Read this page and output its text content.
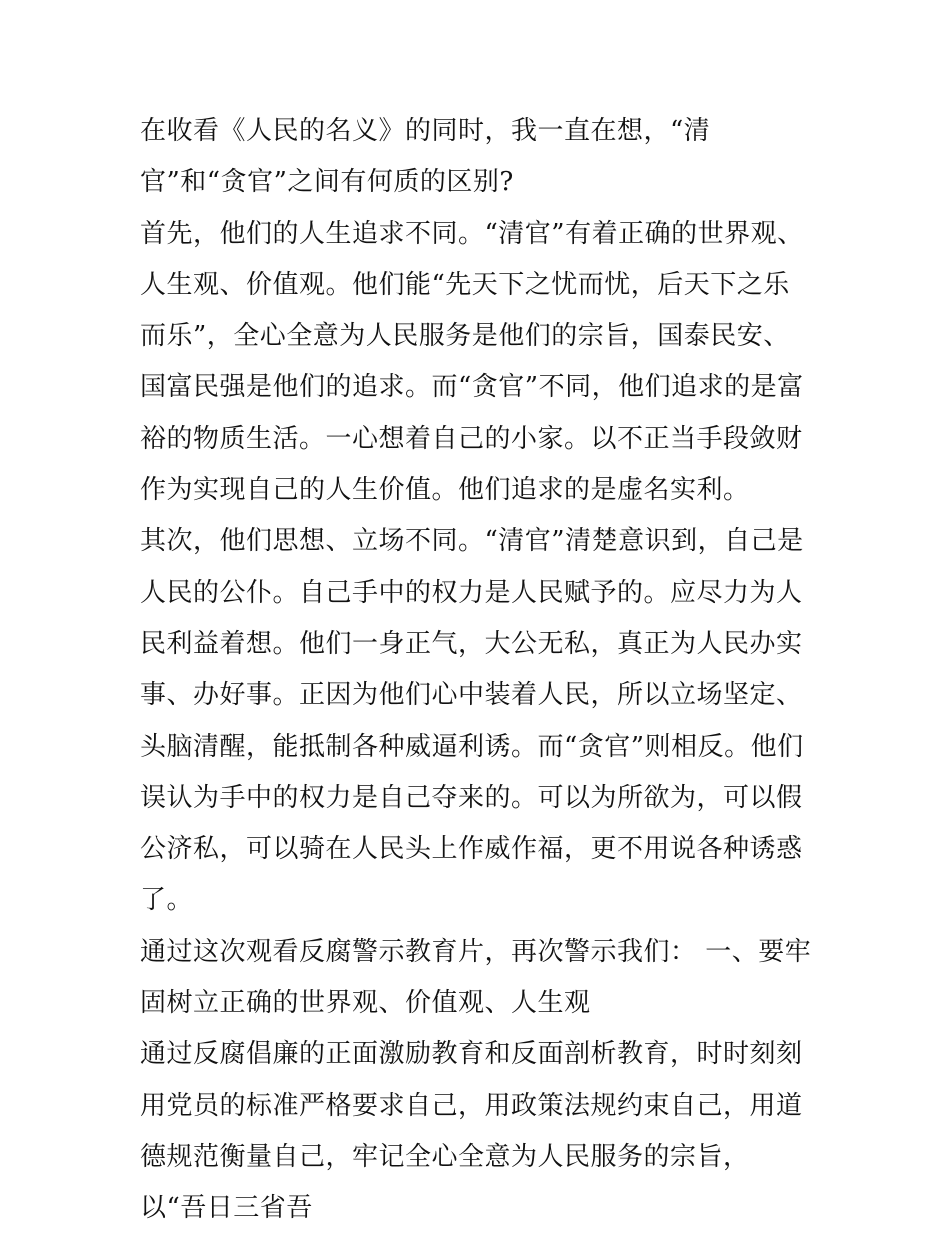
在收看《人民的名义》的同时，我一直在想，“清官”和“贪官”之间有何质的区别?

首先，他们的人生追求不同。“清官”有着正确的世界观、人生观、价值观。他们能“先天下之忧而忧，后天下之乐而乐”，全心全意为人民服务是他们的宗旨，国泰民安、国富民强是他们的追求。而“贪官”不同，他们追求的是富裕的物质生活。一心想着自己的小家。以不正当手段敛财作为实现自己的人生价值。他们追求的是虚名实利。

其次，他们思想、立场不同。“清官”清楚意识到，自己是人民的公仆。自己手中的权力是人民赋予的。应尽力为人民利益着想。他们一身正气，大公无私，真正为人民办实事、办好事。正因为他们心中装着人民，所以立场坚定、头脑清醒，能抵制各种威逼利诱。而“贪官”则相反。他们误认为手中的权力是自己夺来的。可以为所欲为，可以假公济私，可以骑在人民头上作威作福，更不用说各种诱惑了。

通过这次观看反腐警示教育片，再次警示我们： 一、要牢固树立正确的世界观、价值观、人生观

通过反腐倡廉的正面激励教育和反面剖析教育，时时刻刻用党员的标准严格要求自己，用政策法规约束自己，用道德规范衡量自己，牢记全心全意为人民服务的宗旨，以“吾日三省吾
